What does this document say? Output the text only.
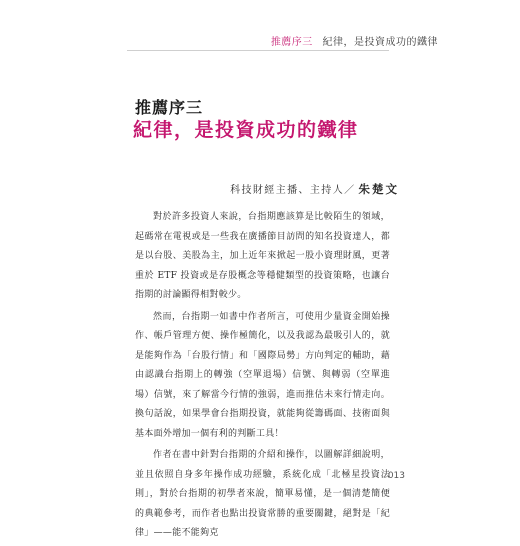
推薦序三 紀律，是投資成功的鐵律
推薦序三
紀律，是投資成功的鐵律
科技財經主播、主持人／ 朱楚文

對於許多投資人來說，台指期應該算是比較陌生的領域，起碼常在電視或是一些我在廣播節目訪問的知名投資達人，都是以台股、美股為主，加上近年來掀起一股小資理財風，更著重於 ETF 投資或是存股概念等穩健類型的投資策略，也讓台指期的討論顯得相對較少。

然而，台指期一如書中作者所言，可使用少量資金開始操作、帳戶管理方便、操作極簡化，以及我認為最吸引人的，就是能夠作為「台股行情」和「國際局勢」方向判定的輔助，藉由認識台指期上的轉強（空單退場）信號、與轉弱（空單進場）信號，來了解當今行情的強弱，進而推估未來行情走向。換句話說，如果學會台指期投資，就能夠從籌碼面、技術面與基本面外增加一個有利的判斷工具！

作者在書中針對台指期的介紹和操作，以圖解詳細說明，並且依照自身多年操作成功經驗，系統化成「北極星投資法則」，對於台指期的初學者來說，簡單易懂，是一個清楚簡便的典範參考，而作者也點出投資常勝的重要關鍵，絕對是「紀律」——能不能夠克

013
